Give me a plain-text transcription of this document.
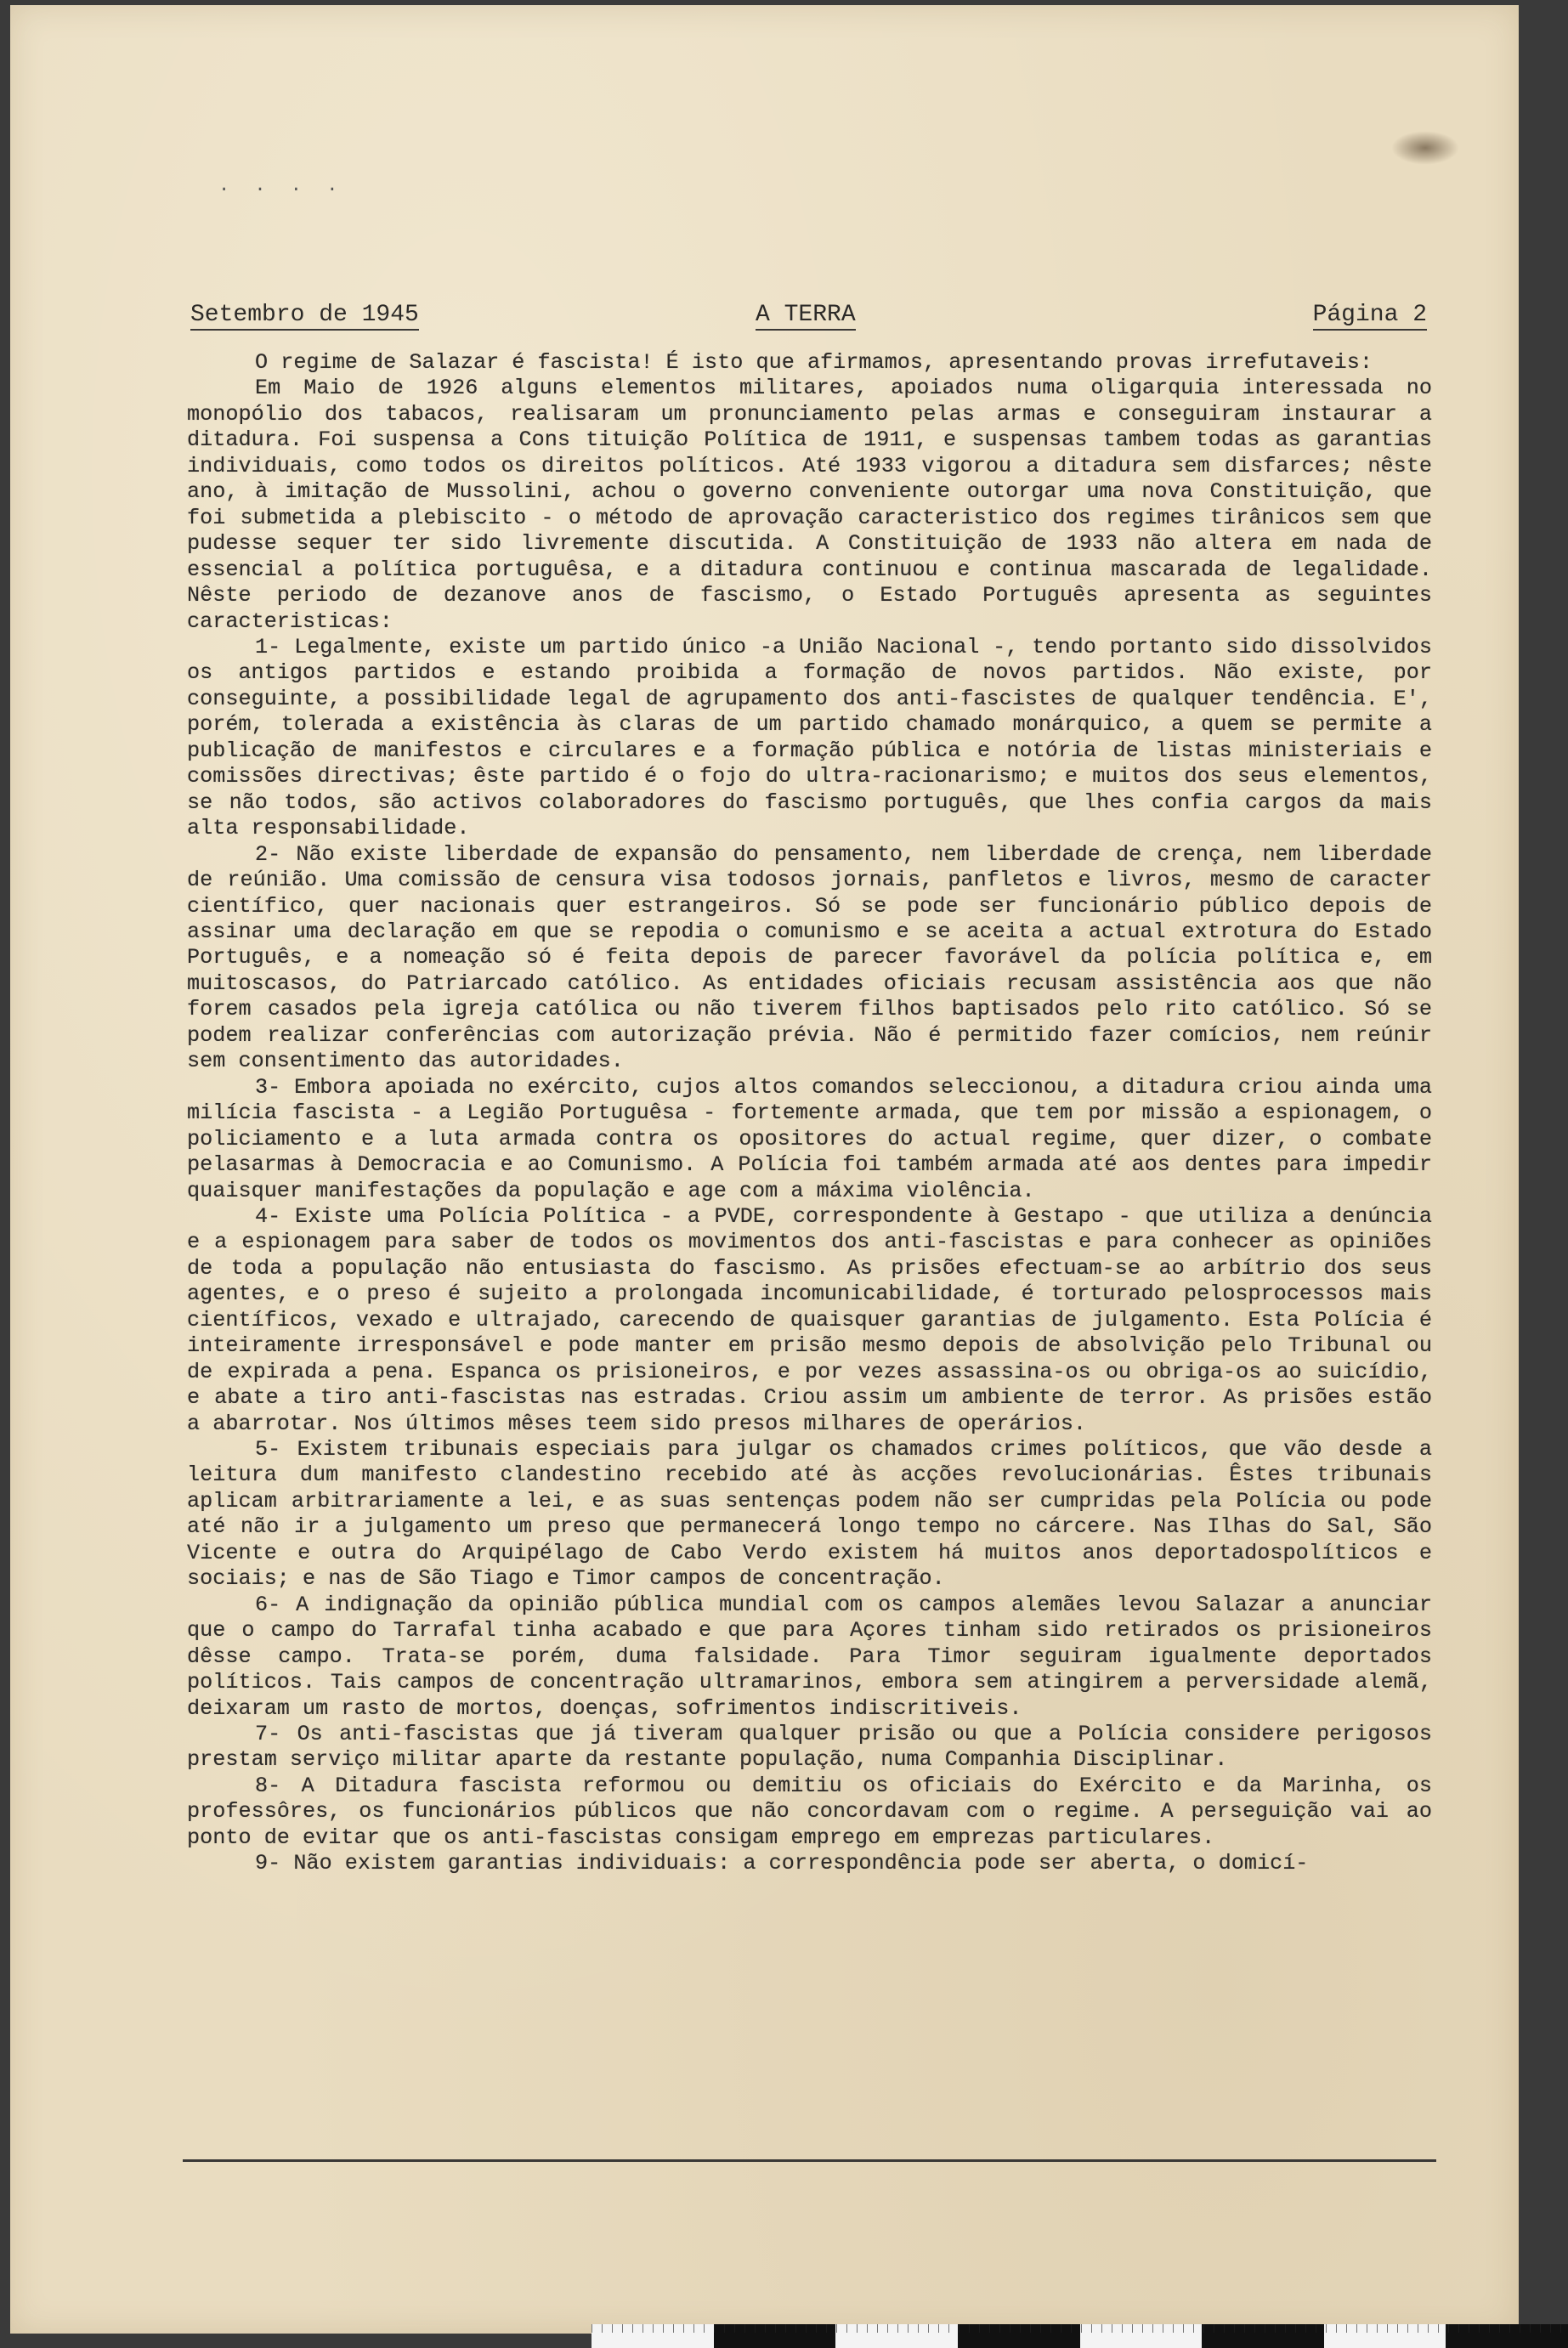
. . . .
Setembro de 1945	A TERRA	Página 2

O regime de Salazar é fascista! É isto que afirmamos, apresentando provas irrefutaveis:

Em Maio de 1926 alguns elementos militares, apoiados numa oligarquia interessada no monopólio dos tabacos, realisaram um pronunciamento pelas armas e conseguiram instaurar a ditadura. Foi suspensa a Cons tituição Política de 1911, e suspensas tambem todas as garantias individuais, como todos os direitos políticos. Até 1933 vigorou a ditadura sem disfarces; nêste ano, à imitação de Mussolini, achou o governo conveniente outorgar uma nova Constituição, que foi submetida a plebiscito - o método de aprovação caracteristico dos regimes tirânicos sem que pudesse sequer ter sido livremente discutida. A Constituição de 1933 não altera em nada de essencial a política portuguêsa, e a ditadura continuou e continua mascarada de legalidade. Nêste periodo de dezanove anos de fascismo, o Estado Português apresenta as seguintes caracteristicas:

1- Legalmente, existe um partido único -a União Nacional -, tendo portanto sido dissolvidos os antigos partidos e estando proibida a formação de novos partidos. Não existe, por conseguinte, a possibilidade legal de agrupamento dos anti-fascistes de qualquer tendência. E', porém, tolerada a existência às claras de um partido chamado monárquico, a quem se permite a publicação de manifestos e circulares e a formação pública e notória de listas ministeriais e comissões directivas; êste partido é o fojo do ultra-racionarismo; e muitos dos seus elementos, se não todos, são activos colaboradores do fascismo português, que lhes confia cargos da mais alta responsabilidade.

2- Não existe liberdade de expansão do pensamento, nem liberdade de crença, nem liberdade de reúnião. Uma comissão de censura visa todosos jornais, panfletos e livros, mesmo de caracter científico, quer nacionais quer estrangeiros. Só se pode ser funcionário público depois de assinar uma declaração em que se repodia o comunismo e se aceita a actual extrotura do Estado Português, e a nomeação só é feita depois de parecer favorável da polícia política e, em muitoscasos, do Patriarcado católico. As entidades oficiais recusam assistência aos que não forem casados pela igreja católica ou não tiverem filhos baptisados pelo rito católico. Só se podem realizar conferências com autorização prévia. Não é permitido fazer comícios, nem reúnir sem consentimento das autoridades.

3- Embora apoiada no exército, cujos altos comandos seleccionou, a ditadura criou ainda uma milícia fascista - a Legião Portuguêsa - fortemente armada, que tem por missão a espionagem, o policiamento e a luta armada contra os opositores do actual regime, quer dizer, o combate pelasarmas à Democracia e ao Comunismo. A Polícia foi também armada até aos dentes para impedir quaisquer manifestações da população e age com a máxima violência.

4- Existe uma Polícia Política - a PVDE, correspondente à Gestapo - que utiliza a denúncia e a espionagem para saber de todos os movimentos dos anti-fascistas e para conhecer as opiniões de toda a população não entusiasta do fascismo. As prisões efectuam-se ao arbítrio dos seus agentes, e o preso é sujeito a prolongada incomunicabilidade, é torturado pelosprocessos mais científicos, vexado e ultrajado, carecendo de quaisquer garantias de julgamento. Esta Polícia é inteiramente irresponsável e pode manter em prisão mesmo depois de absolvição pelo Tribunal ou de expirada a pena. Espanca os prisioneiros, e por vezes assassina-os ou obriga-os ao suicídio, e abate a tiro anti-fascistas nas estradas. Criou assim um ambiente de terror. As prisões estão a abarrotar. Nos últimos mêses teem sido presos milhares de operários.

5- Existem tribunais especiais para julgar os chamados crimes políticos, que vão desde a leitura dum manifesto clandestino recebido até às acções revolucionárias. Êstes tribunais aplicam arbitrariamente a lei, e as suas sentenças podem não ser cumpridas pela Polícia ou pode até não ir a julgamento um preso que permanecerá longo tempo no cárcere. Nas Ilhas do Sal, São Vicente e outra do Arquipélago de Cabo Verdo existem há muitos anos deportadospolíticos e sociais; e nas de São Tiago e Timor campos de concentração.

6- A indignação da opinião pública mundial com os campos alemães levou Salazar a anunciar que o campo do Tarrafal tinha acabado e que para Açores tinham sido retirados os prisioneiros dêsse campo. Trata-se porém, duma falsidade. Para Timor seguiram igualmente deportados políticos. Tais campos de concentração ultramarinos, embora sem atingirem a perversidade alemã, deixaram um rasto de mortos, doenças, sofrimentos indiscritiveis.

7- Os anti-fascistas que já tiveram qualquer prisão ou que a Polícia considere perigosos prestam serviço militar aparte da restante população, numa Companhia Disciplinar.

8- A Ditadura fascista reformou ou demitiu os oficiais do Exército e da Marinha, os professôres, os funcionários públicos que não concordavam com o regime. A perseguição vai ao ponto de evitar que os anti-fascistas consigam emprego em emprezas particulares.

9- Não existem garantias individuais: a correspondência pode ser aberta, o domicí-
